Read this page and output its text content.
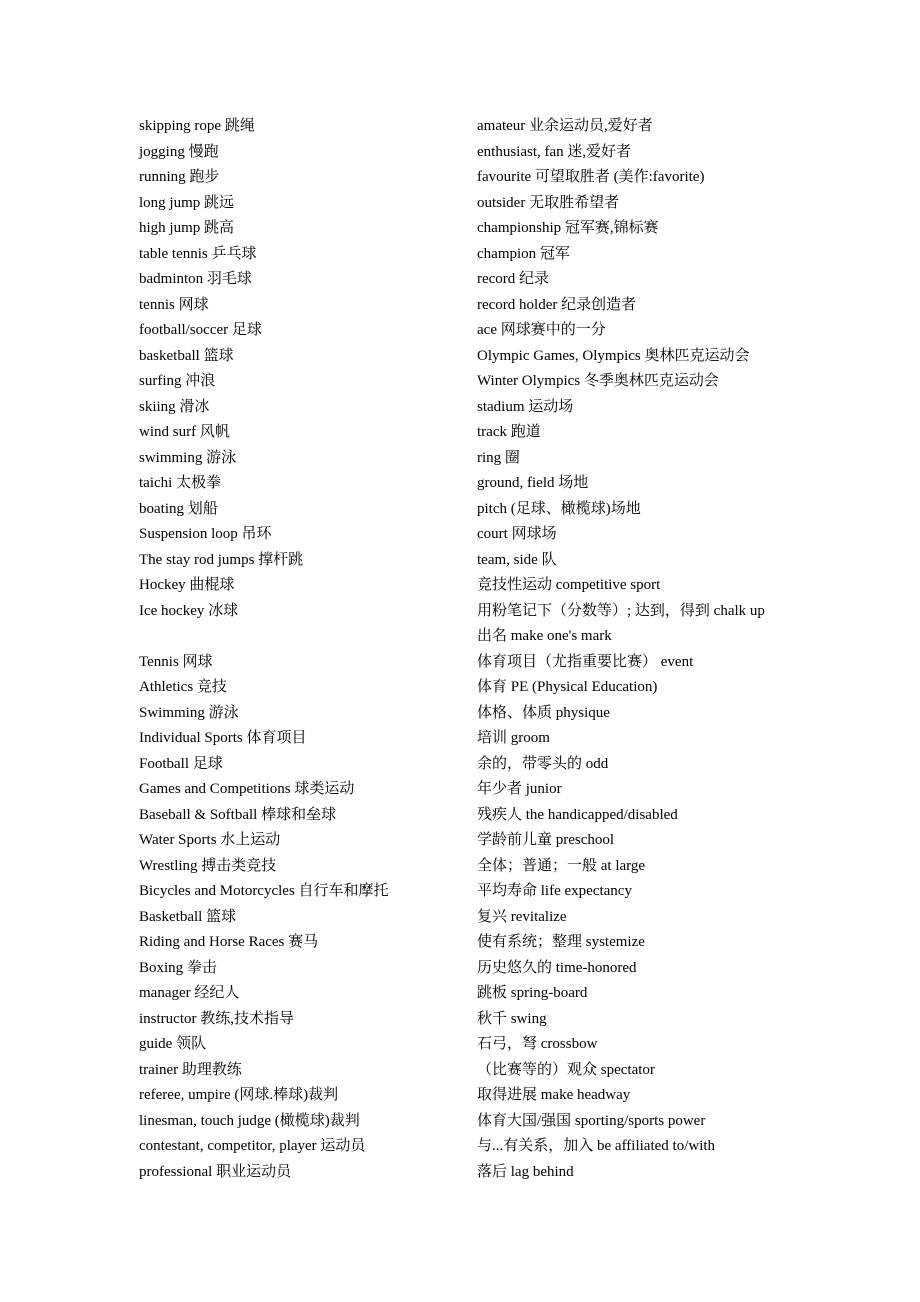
skipping rope 跳绳
jogging 慢跑
running 跑步
long jump 跳远
high jump 跳高
table tennis 乒乓球
badminton 羽毛球
tennis 网球
football/soccer 足球
basketball 篮球
surfing 冲浪
skiing 滑冰
wind surf 风帆
swimming 游泳
taichi 太极拳
boating 划船
Suspension loop 吊环
The stay rod jumps 撑杆跳
Hockey 曲棍球
Ice hockey 冰球
Tennis 网球
Athletics 竞技
Swimming 游泳
Individual Sports 体育项目
Football 足球
Games and Competitions 球类运动
Baseball & Softball 棒球和垒球
Water Sports 水上运动
Wrestling 搏击类竞技
Bicycles and Motorcycles 自行车和摩托
Basketball 篮球
Riding and Horse Races 赛马
Boxing 拳击
manager 经纪人
instructor 教练,技术指导
guide 领队
trainer 助理教练
referee, umpire (网球.棒球)裁判
linesman, touch judge (橄榄球)裁判
contestant, competitor, player 运动员
professional 职业运动员
amateur 业余运动员,爱好者
enthusiast, fan 迷,爱好者
favourite 可望取胜者 (美作:favorite)
outsider 无取胜希望者
championship 冠军赛,锦标赛
champion 冠军
record 纪录
record holder 纪录创造者
ace 网球赛中的一分
Olympic Games, Olympics 奥林匹克运动会
Winter Olympics 冬季奥林匹克运动会
stadium 运动场
track 跑道
ring 圈
ground, field 场地
pitch (足球、橄榄球)场地
court 网球场
team, side 队
竞技性运动 competitive sport
用粉笔记下（分数等）; 达到，得到 chalk up
出名 make one's mark
体育项目（尤指重要比赛） event
体育 PE (Physical Education)
体格、体质 physique
培训 groom
余的，带零头的 odd
年少者 junior
残疾人 the handicapped/disabled
学龄前儿童 preschool
全体；普通；一般 at large
平均寿命 life expectancy
复兴 revitalize
使有系统；整理 systemize
历史悠久的 time-honored
跳板 spring-board
秋千 swing
石弓，弩 crossbow
（比赛等的）观众 spectator
取得进展 make headway
体育大国/强国 sporting/sports power
与...有关系，加入 be affiliated to/with
落后 lag behind
